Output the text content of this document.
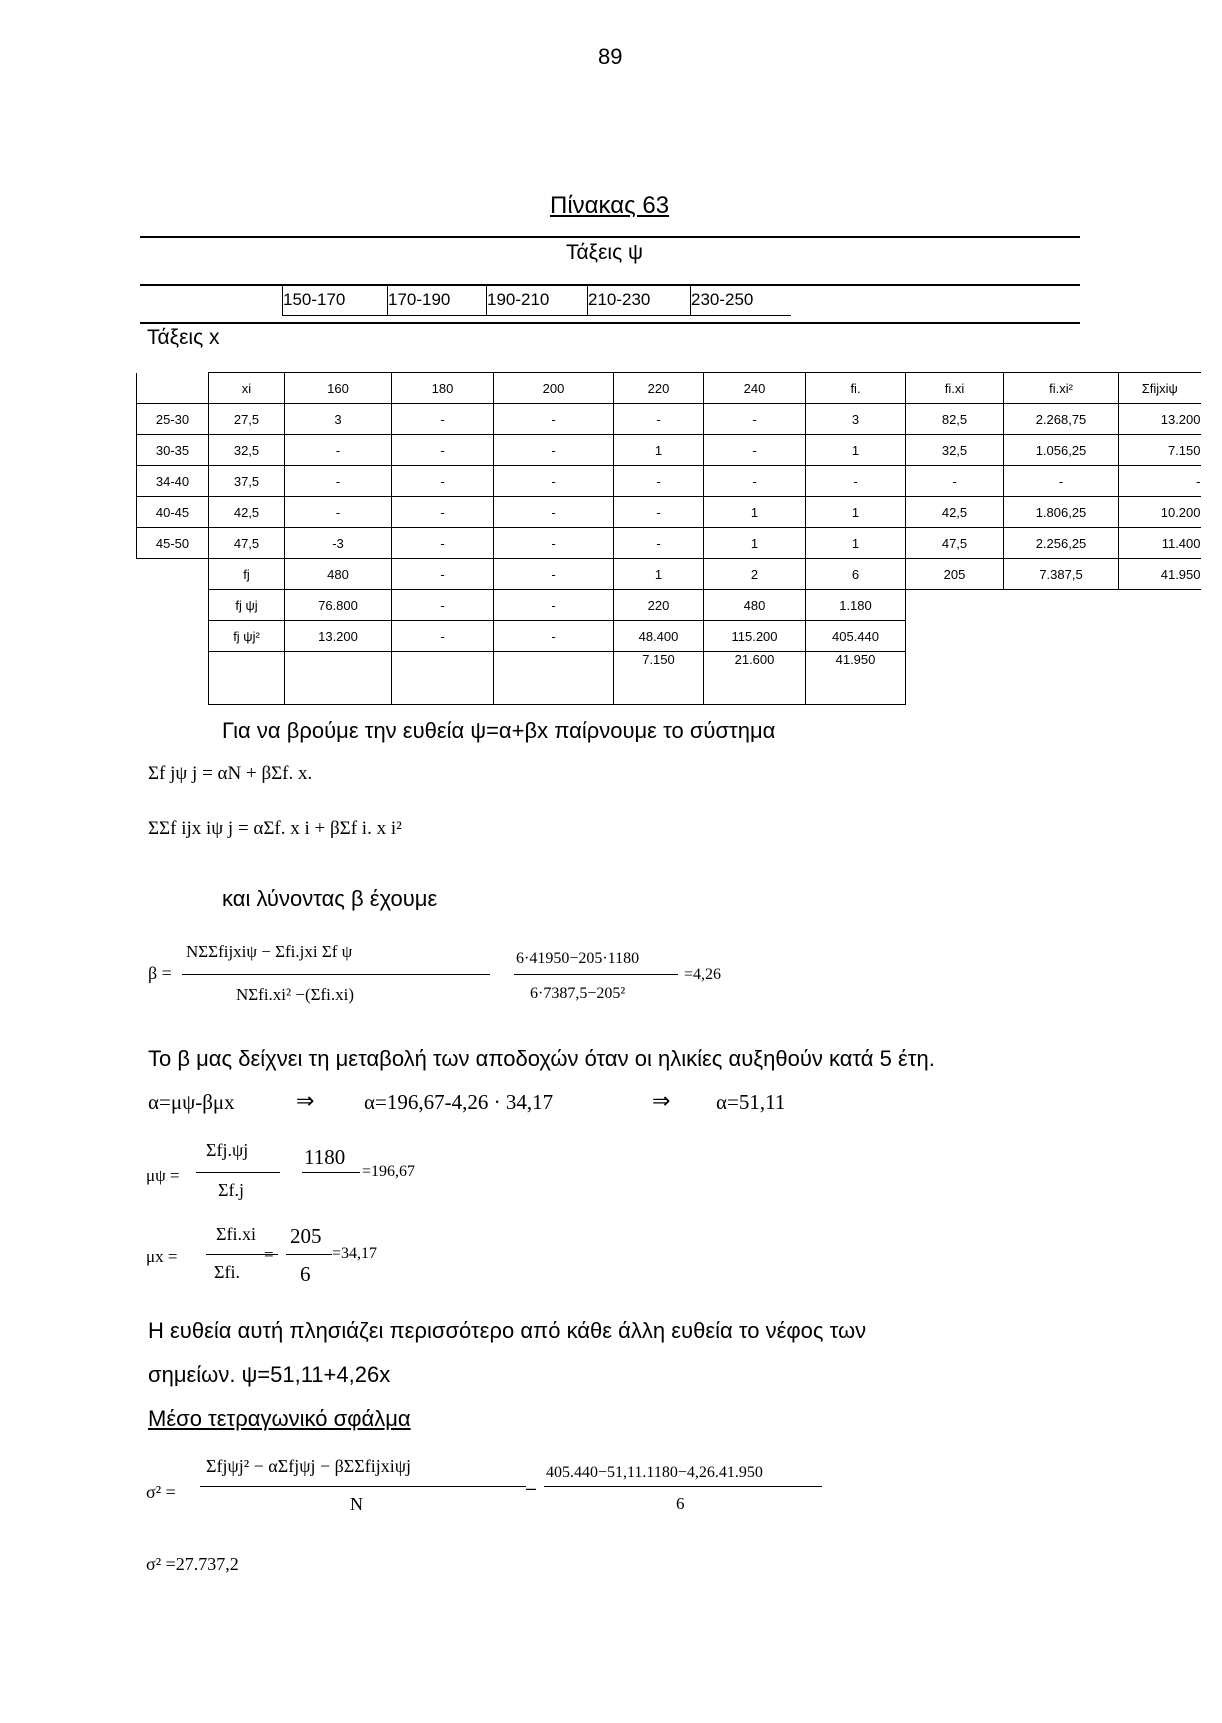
89
Πίνακας 63
Τάξεις ψ
Τάξεις x
150-170	170-190	190-210	210-230	230-250
	xi	160	180	200	220	240	fi.	fi.xi	fi.xi²	Σfijxiψ
25-30	27,5	3	-	-	-	-	3	82,5	2.268,75	13.200
30-35	32,5	-	-	-	1	-	1	32,5	1.056,25	7.150
34-40	37,5	-	-	-	-	-	-	-	-	-
40-45	42,5	-	-	-	-	1	1	42,5	1.806,25	10.200
45-50	47,5	-3	-	-	-	1	1	47,5	2.256,25	11.400
	fj	480	-	-	1	2	6	205	7.387,5	41.950
	fj ψj	76.800	-	-	220	480	1.180			
	fj ψj²	13.200	-	-	48.400	115.200	405.440			
					7.150	21.600	41.950			
Για να βρούμε την ευθεία ψ=α+βx παίρνουμε το σύστημα
Σf jψ j = αN + βΣf. x.
ΣΣf ijx iψ j = αΣf. x i + βΣf i. x i²
και λύνοντας β έχουμε
β =
NΣΣfijxiψ − Σfi.jxi Σf ψ
NΣfi.xi² −(Σfi.xi)
6·41950−205·1180
6·7387,5−205²
=4,26
Το β μας δείχνει τη μεταβολή των αποδοχών όταν οι ηλικίες αυξηθούν κατά 5 έτη.
α=μψ-βμx	⇒ α=196,67-4,26 · 34,17	⇒ α=51,11
μψ =
Σfj.ψj
Σf.j
1180
=196,67
μx =
Σfi.xi
Σfi.
=
205
6
=34,17
Η ευθεία αυτή πλησιάζει περισσότερο από κάθε άλλη ευθεία το νέφος των
σημείων. ψ=51,11+4,26x
Μέσο τετραγωνικό σφάλμα
σ² =
Σfjψj² − αΣfjψj − βΣΣfijxiψj
N
–
405.440−51,11.1180−4,26.41.950
6
σ² =27.737,2
